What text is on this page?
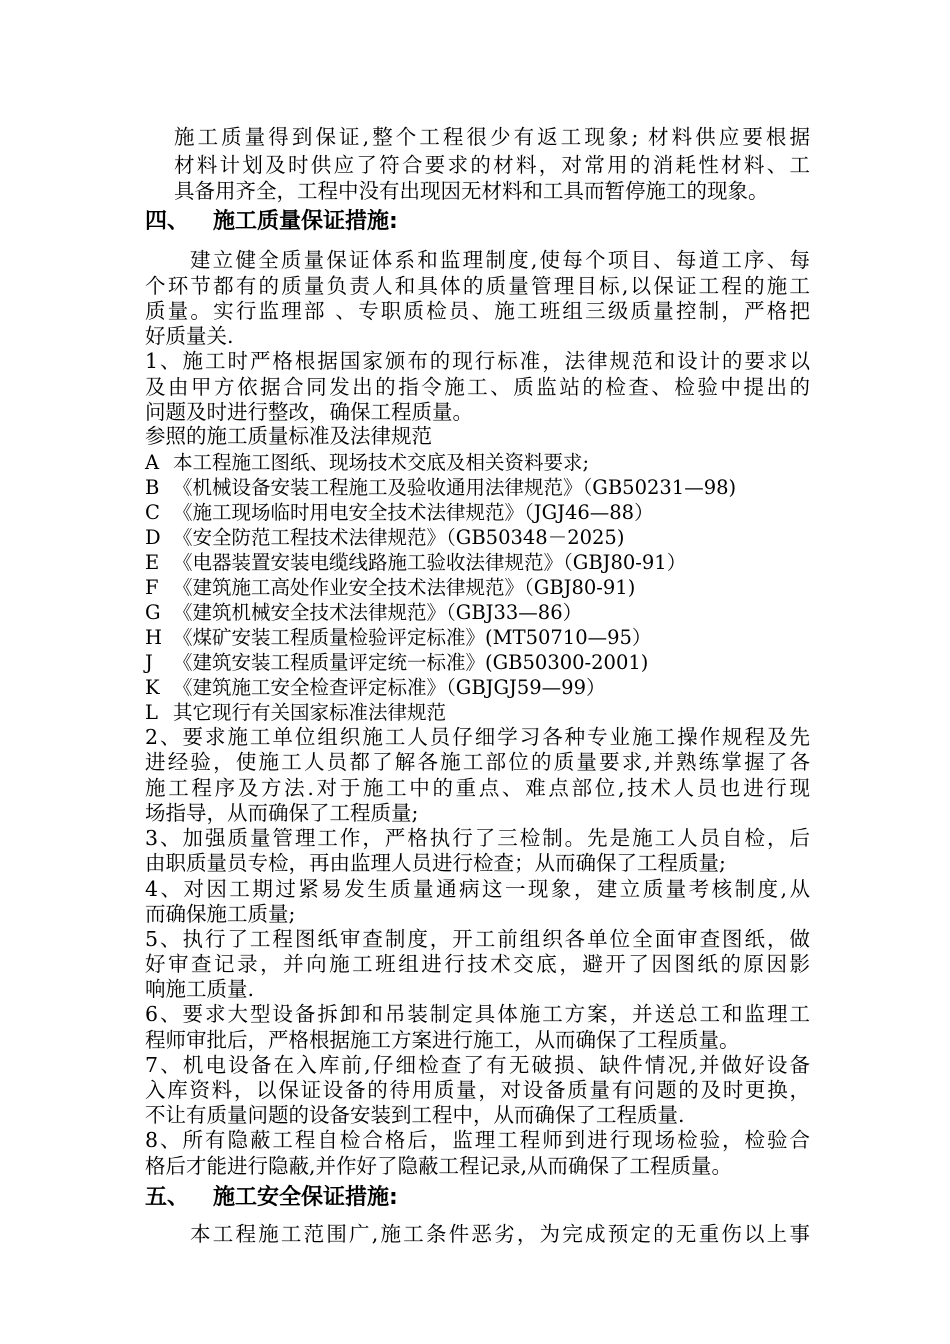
施工质量得到保证,整个工程很少有返工现象; 材料供应要根据
材料计划及时供应了符合要求的材料，对常用的消耗性材料、工
具备用齐全，工程中没有出现因无材料和工具而暂停施工的现象。
四、 施工质量保证措施:
建立健全质量保证体系和监理制度,使每个项目、每道工序、每
个环节都有的质量负责人和具体的质量管理目标,以保证工程的施工
质量。实行监理部 、专职质检员、施工班组三级质量控制，严格把
好质量关.
1、施工时严格根据国家颁布的现行标准，法律规范和设计的要求以
及由甲方依据合同发出的指令施工、质监站的检查、检验中提出的
问题及时进行整改，确保工程质量。
参照的施工质量标准及法律规范
A 本工程施工图纸、现场技术交底及相关资料要求;
B 《机械设备安装工程施工及验收通用法律规范》（GB50231—98)
C 《施工现场临时用电安全技术法律规范》（JGJ46—88）
D 《安全防范工程技术法律规范》（GB50348－2025)
E 《电器装置安装电缆线路施工验收法律规范》（GBJ80-91）
F 《建筑施工高处作业安全技术法律规范》（GBJ80-91)
G 《建筑机械安全技术法律规范》（GBJ33—86）
H 《煤矿安装工程质量检验评定标准》(MT50710—95）
J 《建筑安装工程质量评定统一标准》(GB50300-2001)
K 《建筑施工安全检查评定标准》（GBJGJ59—99）
L 其它现行有关国家标准法律规范
2、要求施工单位组织施工人员仔细学习各种专业施工操作规程及先
进经验，使施工人员都了解各施工部位的质量要求,并熟练掌握了各
施工程序及方法.对于施工中的重点、难点部位,技术人员也进行现
场指导，从而确保了工程质量;
3、加强质量管理工作，严格执行了三检制。先是施工人员自检，后
由职质量员专检，再由监理人员进行检查；从而确保了工程质量;
4、对因工期过紧易发生质量通病这一现象，建立质量考核制度,从
而确保施工质量;
5、执行了工程图纸审查制度，开工前组织各单位全面审查图纸，做
好审查记录，并向施工班组进行技术交底，避开了因图纸的原因影
响施工质量.
6、要求大型设备拆卸和吊装制定具体施工方案，并送总工和监理工
程师审批后，严格根据施工方案进行施工，从而确保了工程质量。
7、机电设备在入库前,仔细检查了有无破损、缺件情况,并做好设备
入库资料，以保证设备的待用质量，对设备质量有问题的及时更换，
不让有质量问题的设备安装到工程中，从而确保了工程质量.
8、所有隐蔽工程自检合格后，监理工程师到进行现场检验，检验合
格后才能进行隐蔽,并作好了隐蔽工程记录,从而确保了工程质量。
五、 施工安全保证措施:
本工程施工范围广,施工条件恶劣，为完成预定的无重伤以上事
